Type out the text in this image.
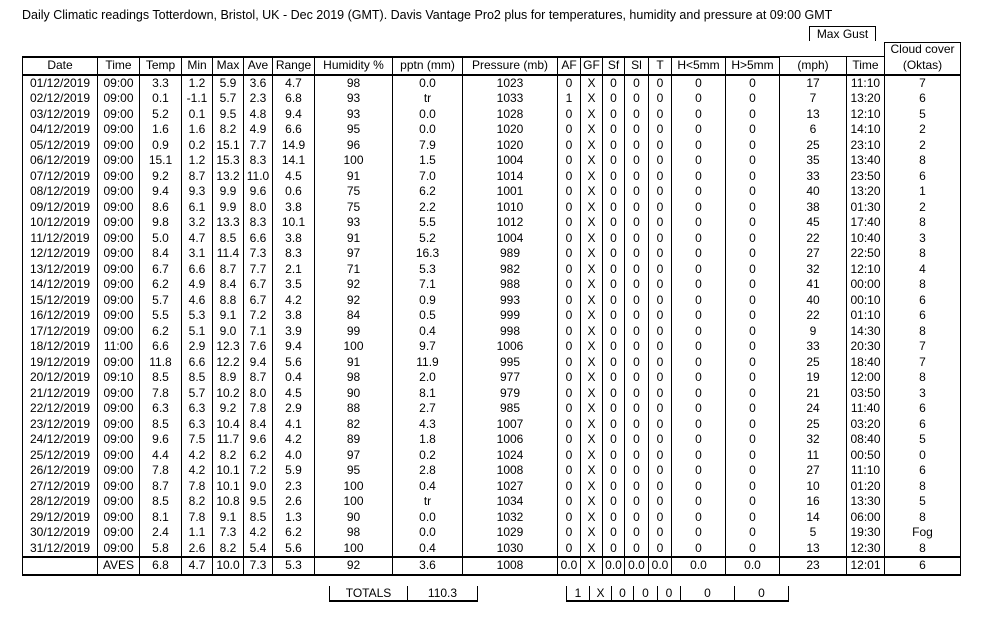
Daily Climatic readings Totterdown, Bristol, UK - Dec 2019 (GMT). Davis Vantage Pro2 plus for temperatures, humidity and pressure at 09:00 GMT
Max Gust
																			Cloud cover
Date	Time	Temp	Min	Max	Ave	Range	Humidity %	pptn (mm)	Pressure (mb)	AF	GF	Sf	Sl	T	H<5mm	H>5mm	(mph)	Time	(Oktas)
01/12/2019	09:00	3.3	1.2	5.9	3.6	4.7	98	0.0	1023	0	X	0	0	0	0	0	17	11:10	7
02/12/2019	09:00	0.1	-1.1	5.7	2.3	6.8	93	tr	1033	1	X	0	0	0	0	0	7	13:20	6
03/12/2019	09:00	5.2	0.1	9.5	4.8	9.4	93	0.0	1028	0	X	0	0	0	0	0	13	12:10	5
04/12/2019	09:00	1.6	1.6	8.2	4.9	6.6	95	0.0	1020	0	X	0	0	0	0	0	6	14:10	2
05/12/2019	09:00	0.9	0.2	15.1	7.7	14.9	96	7.9	1020	0	X	0	0	0	0	0	25	23:10	2
06/12/2019	09:00	15.1	1.2	15.3	8.3	14.1	100	1.5	1004	0	X	0	0	0	0	0	35	13:40	8
07/12/2019	09:00	9.2	8.7	13.2	11.0	4.5	91	7.0	1014	0	X	0	0	0	0	0	33	23:50	6
08/12/2019	09:00	9.4	9.3	9.9	9.6	0.6	75	6.2	1001	0	X	0	0	0	0	0	40	13:20	1
09/12/2019	09:00	8.6	6.1	9.9	8.0	3.8	75	2.2	1010	0	X	0	0	0	0	0	38	01:30	2
10/12/2019	09:00	9.8	3.2	13.3	8.3	10.1	93	5.5	1012	0	X	0	0	0	0	0	45	17:40	8
11/12/2019	09:00	5.0	4.7	8.5	6.6	3.8	91	5.2	1004	0	X	0	0	0	0	0	22	10:40	3
12/12/2019	09:00	8.4	3.1	11.4	7.3	8.3	97	16.3	989	0	X	0	0	0	0	0	27	22:50	8
13/12/2019	09:00	6.7	6.6	8.7	7.7	2.1	71	5.3	982	0	X	0	0	0	0	0	32	12:10	4
14/12/2019	09:00	6.2	4.9	8.4	6.7	3.5	92	7.1	988	0	X	0	0	0	0	0	41	00:00	8
15/12/2019	09:00	5.7	4.6	8.8	6.7	4.2	92	0.9	993	0	X	0	0	0	0	0	40	00:10	6
16/12/2019	09:00	5.5	5.3	9.1	7.2	3.8	84	0.5	999	0	X	0	0	0	0	0	22	01:10	6
17/12/2019	09:00	6.2	5.1	9.0	7.1	3.9	99	0.4	998	0	X	0	0	0	0	0	9	14:30	8
18/12/2019	11:00	6.6	2.9	12.3	7.6	9.4	100	9.7	1006	0	X	0	0	0	0	0	33	20:30	7
19/12/2019	09:00	11.8	6.6	12.2	9.4	5.6	91	11.9	995	0	X	0	0	0	0	0	25	18:40	7
20/12/2019	09:10	8.5	8.5	8.9	8.7	0.4	98	2.0	977	0	X	0	0	0	0	0	19	12:00	8
21/12/2019	09:00	7.8	5.7	10.2	8.0	4.5	90	8.1	979	0	X	0	0	0	0	0	21	03:50	3
22/12/2019	09:00	6.3	6.3	9.2	7.8	2.9	88	2.7	985	0	X	0	0	0	0	0	24	11:40	6
23/12/2019	09:00	8.5	6.3	10.4	8.4	4.1	82	4.3	1007	0	X	0	0	0	0	0	25	03:20	6
24/12/2019	09:00	9.6	7.5	11.7	9.6	4.2	89	1.8	1006	0	X	0	0	0	0	0	32	08:40	5
25/12/2019	09:00	4.4	4.2	8.2	6.2	4.0	97	0.2	1024	0	X	0	0	0	0	0	11	00:50	0
26/12/2019	09:00	7.8	4.2	10.1	7.2	5.9	95	2.8	1008	0	X	0	0	0	0	0	27	11:10	6
27/12/2019	09:00	8.7	7.8	10.1	9.0	2.3	100	0.4	1027	0	X	0	0	0	0	0	10	01:20	8
28/12/2019	09:00	8.5	8.2	10.8	9.5	2.6	100	tr	1034	0	X	0	0	0	0	0	16	13:30	5
29/12/2019	09:00	8.1	7.8	9.1	8.5	1.3	90	0.0	1032	0	X	0	0	0	0	0	14	06:00	8
30/12/2019	09:00	2.4	1.1	7.3	4.2	6.2	98	0.0	1029	0	X	0	0	0	0	0	5	19:30	Fog
31/12/2019	09:00	5.8	2.6	8.2	5.4	5.6	100	0.4	1030	0	X	0	0	0	0	0	13	12:30	8
	AVES	6.8	4.7	10.0	7.3	5.3	92	3.6	1008	0.0	X	0.0	0.0	0.0	0.0	0.0	23	12:01	6
TOTALS	110.3	1	X	0	0	0	0	0
